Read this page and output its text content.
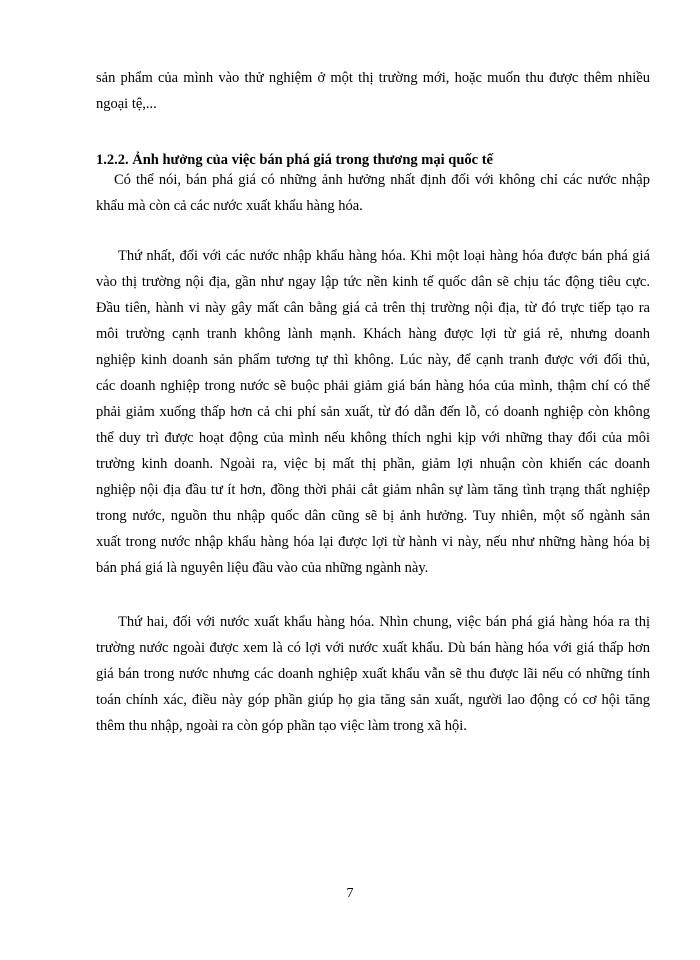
sản phẩm của mình vào thử nghiệm ở một thị trường mới, hoặc muốn thu được thêm nhiều
ngoại tệ,...
1.2.2. Ảnh hưởng của việc bán phá giá trong thương mại quốc tế
Có thể nói, bán phá giá có những ảnh hưởng nhất định đối với không chỉ các nước nhập
khẩu mà còn cả các nước xuất khẩu hàng hóa.
Thứ nhất, đối với các nước nhập khẩu hàng hóa. Khi một loại hàng hóa được bán phá giá
vào thị trường nội địa, gần như ngay lập tức nền kinh tế quốc dân sẽ chịu tác động tiêu cực.
Đầu tiên, hành vi này gây mất cân bằng giá cả trên thị trường nội địa, từ đó trực tiếp tạo ra
môi trường cạnh tranh không lành mạnh. Khách hàng được lợi từ giá rẻ, nhưng doanh
nghiệp kinh doanh sản phẩm tương tự thì không. Lúc này, để cạnh tranh được với đối thủ,
các doanh nghiệp trong nước sẽ buộc phải giảm giá bán hàng hóa của mình, thậm chí có thể
phải giảm xuống thấp hơn cả chi phí sản xuất, từ đó dẫn đến lỗ, có doanh nghiệp còn không
thể duy trì được hoạt động của mình nếu không thích nghi kịp với những thay đổi của môi
trường kinh doanh. Ngoài ra, việc bị mất thị phần, giảm lợi nhuận còn khiến các doanh
nghiệp nội địa đầu tư ít hơn, đồng thời phải cắt giảm nhân sự làm tăng tình trạng thất nghiệp
trong nước, nguồn thu nhập quốc dân cũng sẽ bị ảnh hưởng. Tuy nhiên, một số ngành sản
xuất trong nước nhập khẩu hàng hóa lại được lợi từ hành vi này, nếu như những hàng hóa bị
bán phá giá là nguyên liệu đầu vào của những ngành này.
Thứ hai, đối với nước xuất khẩu hàng hóa. Nhìn chung, việc bán phá giá hàng hóa ra thị
trường nước ngoài được xem là có lợi với nước xuất khẩu. Dù bán hàng hóa với giá thấp hơn
giá bán trong nước nhưng các doanh nghiệp xuất khẩu vẫn sẽ thu được lãi nếu có những tính
toán chính xác, điều này góp phần giúp họ gia tăng sản xuất, người lao động có cơ hội tăng
thêm thu nhập, ngoài ra còn góp phần tạo việc làm trong xã hội.
7
